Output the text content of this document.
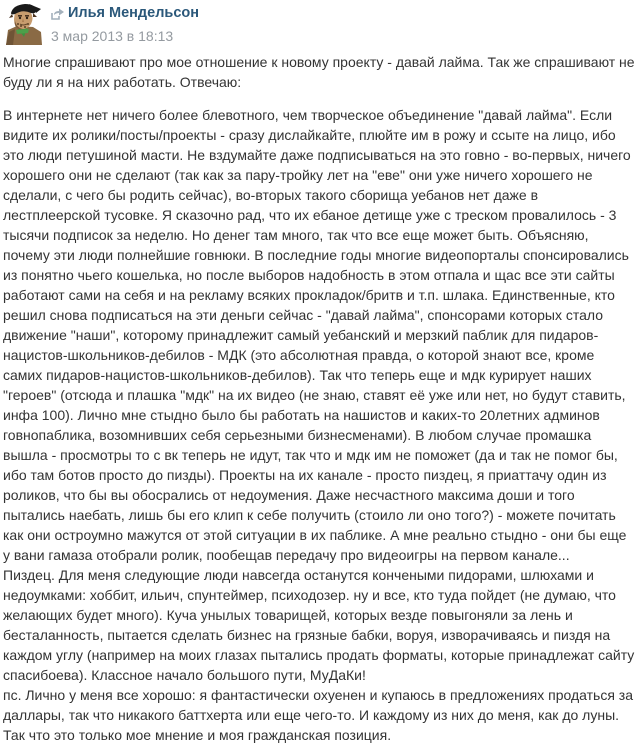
Илья Мендельсон
3 мар 2013 в 18:13

Многие спрашивают про мое отношение к новому проекту - давай лайма. Так же спрашивают не буду ли я на них работать. Отвечаю:

В интернете нет ничего более блевотного, чем творческое объединение "давай лайма". Если видите их ролики/посты/проекты - сразу дислайкайте, плюйте им в рожу и ссыте на лицо, ибо это люди петушиной масти. Не вздумайте даже подписываться на это говно - во-первых, ничего хорошего они не сделают (так как за пару-тройку лет на "еве" они уже ничего хорошего не сделали, с чего бы родить сейчас), во-вторых такого сборища уебанов нет даже в лестплеерской тусовке. Я сказочно рад, что их ебаное детище уже с треском провалилось - 3 тысячи подписок за неделю. Но денег там много, так что все еще может быть. Объясняю, почему эти люди полнейшие говнюки. В последние годы многие видеопорталы спонсировались из понятно чьего кошелька, но после выборов надобность в этом отпала и щас все эти сайты работают сами на себя и на рекламу всяких прокладок/бритв и т.п. шлака. Единственные, кто решил снова подписаться на эти деньги сейчас - "давай лайма", спонсорами которых стало движение "наши", которому принадлежит самый уебанский и мерзкий паблик для пидаров-нацистов-школьников-дебилов - МДК (это абсолютная правда, о которой знают все, кроме самих пидаров-нацистов-школьников-дебилов). Так что теперь еще и мдк курирует наших "героев" (отсюда и плашка "мдк" на их видео (не знаю, ставят её уже или нет, но будут ставить, инфа 100). Лично мне стыдно было бы работать на нашистов и каких-то 20летних админов говнопаблика, возомнивших себя серьезными бизнесменами). В любом случае промашка вышла - просмотры то с вк теперь не идут, так что и мдк им не поможет (да и так не помог бы, ибо там ботов просто до пизды). Проекты на их канале - просто пиздец, я приаттачу один из роликов, что бы вы обосрались от недоумения. Даже несчастного максима доши и того пытались наебать, лишь бы его клип к себе получить (стоило ли оно того?) - можете почитать как они остроумно мажутся от этой ситуации в их паблике. А мне реально стыдно - они бы еще у вани гамаза отобрали ролик, пообещав передачу про видеоигры на первом канале...
Пиздец. Для меня следующие люди навсегда останутся кончеными пидорами, шлюхами и недоумками: хоббит, ильич, спунтеймер, психодозер. ну и все, кто туда пойдет (не думаю, что желающих будет много). Куча унылых товарищей, которых везде повыгоняли за лень и бесталанность, пытается сделать бизнес на грязные бабки, воруя, изворачиваясь и пиздя на каждом углу (например на моих глазах пытались продать форматы, которые принадлежат сайту спасибоева). Классное начало большого пути, МуДаКи!
пс. Лично у меня все хорошо: я фантастически охуенен и купаюсь в предложениях продаться за даллары, так что никакого баттхерта или еще чего-то. И каждому из них до меня, как до луны. Так что это только мое мнение и моя гражданская позиция.
